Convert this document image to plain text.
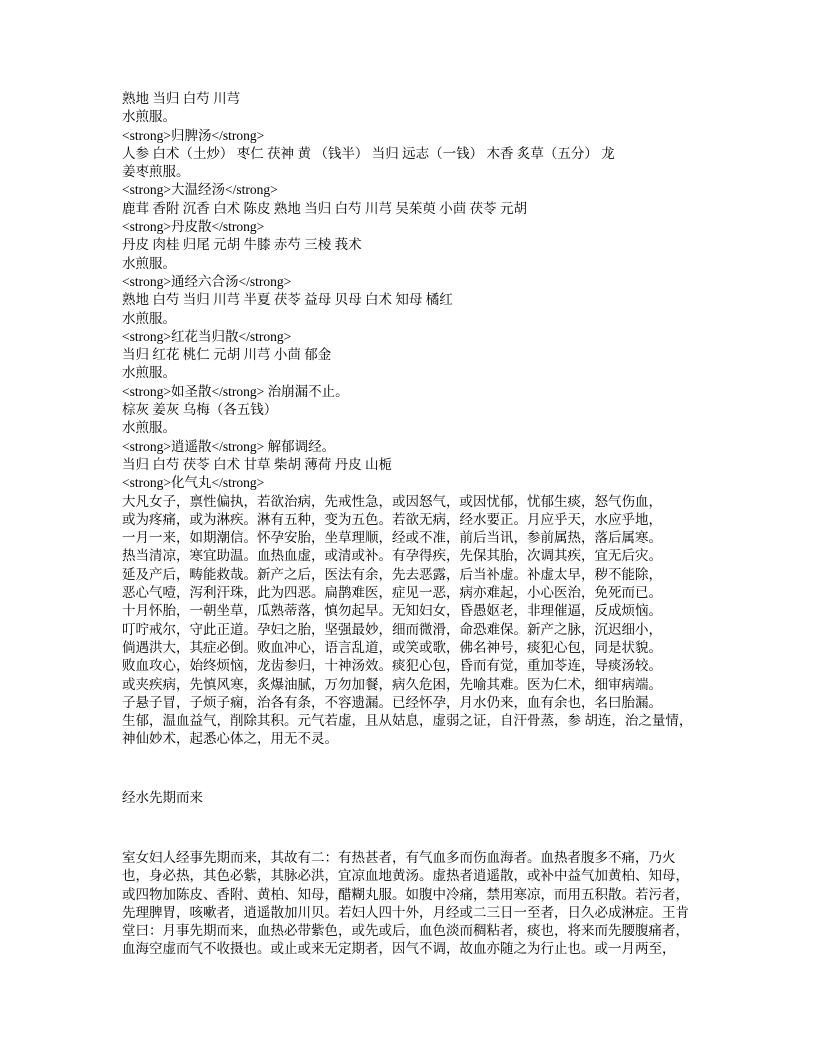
熟地 当归 白芍 川芎
水煎服。
<strong>归脾汤</strong>
人参 白术（土炒） 枣仁 茯神 黄 （钱半） 当归 远志（一钱） 木香 炙草（五分） 龙
姜枣煎服。
<strong>大温经汤</strong>
鹿茸 香附 沉香 白术 陈皮 熟地 当归 白芍 川芎 吴茱萸 小茴 茯苓 元胡
<strong>丹皮散</strong>
丹皮 肉桂 归尾 元胡 牛膝 赤芍 三棱 莪术
水煎服。
<strong>通经六合汤</strong>
熟地 白芍 当归 川芎 半夏 茯苓 益母 贝母 白术 知母 橘红
水煎服。
<strong>红花当归散</strong>
当归 红花 桃仁 元胡 川芎 小茴 郁金
水煎服。
<strong>如圣散</strong> 治崩漏不止。
棕灰 姜灰 乌梅（各五钱）
水煎服。
<strong>逍遥散</strong> 解郁调经。
当归 白芍 茯苓 白术 甘草 柴胡 薄荷 丹皮 山栀
<strong>化气丸</strong>
大凡女子，禀性偏执，若欲治病，先戒性急，或因怒气，或因忧郁，忧郁生痰，怒气伤血，
或为疼痛，或为淋疾。淋有五种，变为五色。若欲无病，经水要正。月应乎天，水应乎地，
一月一来，如期潮信。怀孕安胎，坐草理顺，经或不准，前后当讯，参前属热，落后属寒。
热当清凉，寒宜助温。血热血虚，或清或补。有孕得疾，先保其胎，次调其疾，宜无后灾。
延及产后，畴能救哉。新产之后，医法有余，先去恶露，后当补虚。补虚太早，秽不能除，
恶心气噎，泻利汗珠，此为四恶。扁鹊难医，症见一恶，病亦难起，小心医治，免死而已。
十月怀胎，一朝坐草，瓜熟蒂落，慎勿起早。无知妇女，昏愚妪老，非理催逼，反成烦恼。
叮咛戒尔，守此正道。孕妇之胎，坚强最妙，细而微滑，命恐难保。新产之脉，沉迟细小，
倘遇洪大，其症必倒。败血冲心，语言乱道，或笑或歌，佛名神号，痰犯心包，同是状貌。
败血攻心，始终烦恼，龙齿参归，十神汤效。痰犯心包，昏而有觉，重加苓连，导痰汤较。
或夹疾病，先慎风寒，炙爆油腻，万勿加餐，病久危困，先喻其难。医为仁术，细审病端。
子悬子冒，子烦子痫，治各有条，不容遗漏。已经怀孕，月水仍来，血有余也，名曰胎漏。
生郁，温血益气，削除其积。元气若虚，且从姑息，虚弱之证，自汗骨蒸，参 胡连，治之量情，
神仙妙术，起悉心体之，用无不灵。
经水先期而来
室女妇人经事先期而来，其故有二：有热甚者，有气血多而伤血海者。血热者腹多不痛，乃火
也，身必热，其色必紫，其脉必洪，宜凉血地黄汤。虚热者逍遥散，或补中益气加黄柏、知母，
或四物加陈皮、香附、黄柏、知母，醋糊丸服。如腹中冷痛，禁用寒凉，而用五积散。若污者，
先理脾胃，咳嗽者，逍遥散加川贝。若妇人四十外，月经或二三日一至者，日久必成淋症。王肯
堂曰：月事先期而来，血热必带紫色，或先或后，血色淡而稠粘者，痰也，将来而先腰腹痛者，
血海空虚而气不收摄也。或止或来无定期者，因气不调，故血亦随之为行止也。或一月两至，
